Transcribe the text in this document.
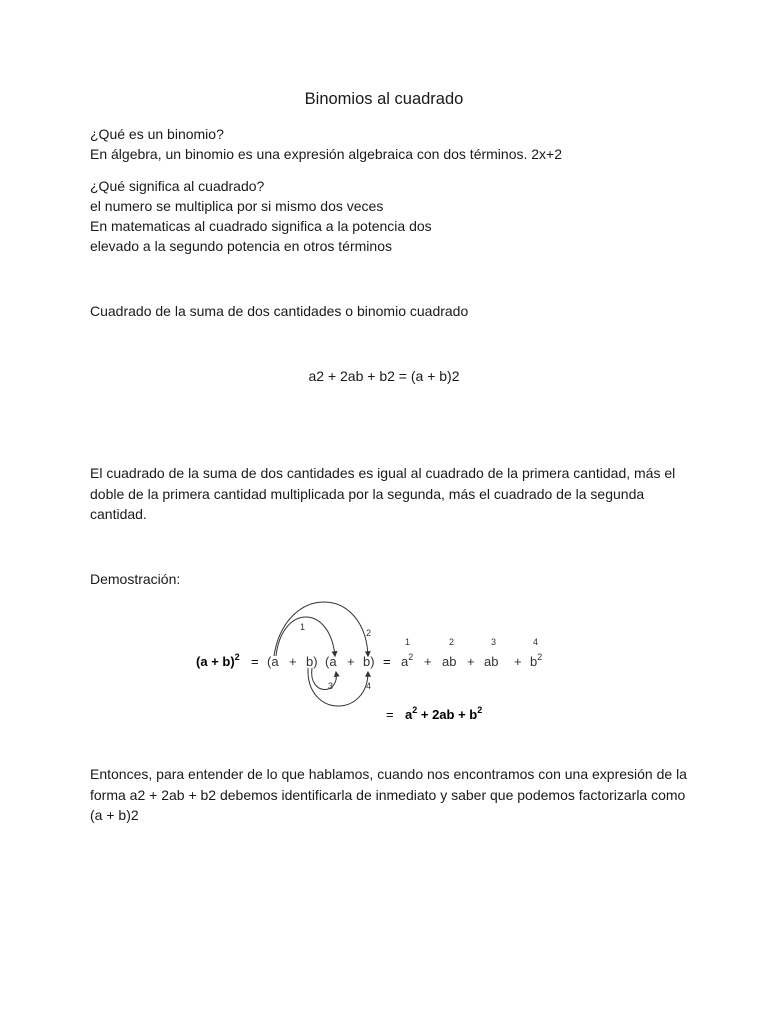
Binomios al cuadrado
¿Qué es un binomio?
En álgebra, un binomio es una expresión algebraica con dos términos. 2x+2
¿Qué significa al cuadrado?
el numero se multiplica por si mismo dos veces
En matematicas al cuadrado significa a la potencia dos
elevado a la segundo potencia en otros términos
Cuadrado de la suma de dos cantidades o binomio cuadrado
a2 + 2ab + b2 = (a + b)2
El cuadrado de la suma de dos cantidades es igual al cuadrado de la primera cantidad, más el doble de la primera cantidad multiplicada por la segunda, más el cuadrado de la segunda cantidad.
Demostración:
1
2
3	4
$(a + b)^2 = (a + b)$ (a + b) =
1	2	3	4
$a^2$ + ab + ab + $b^2$
= $a^2 + 2ab + b^2$
Entonces, para entender de lo que hablamos, cuando nos encontramos con una expresión de la forma a2 + 2ab + b2 debemos identificarla de inmediato y saber que podemos factorizarla como (a + b)2
